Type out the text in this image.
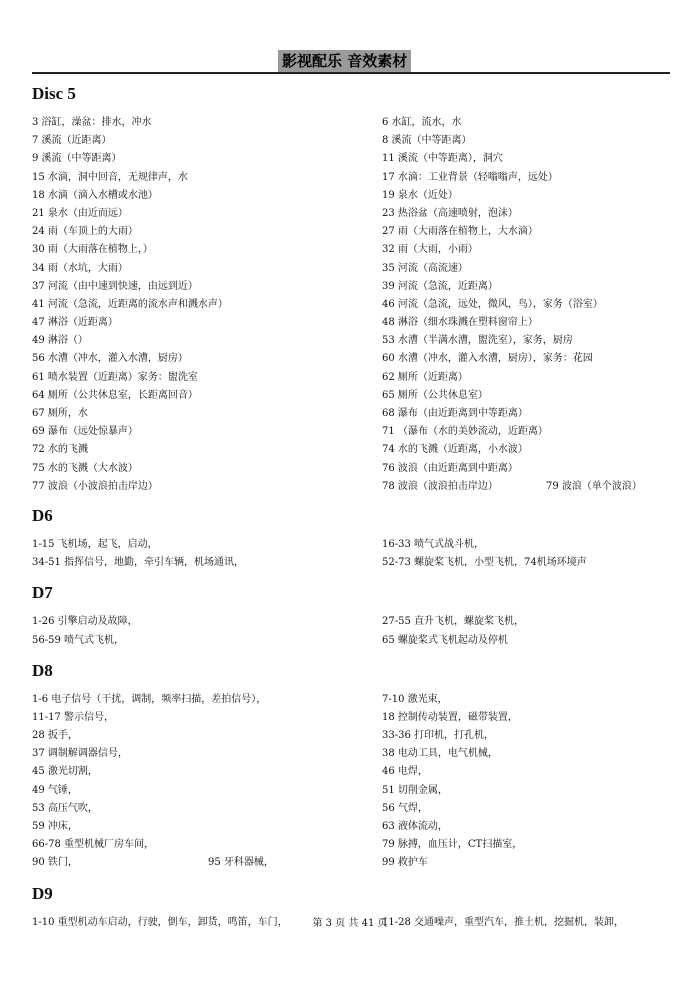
影视配乐 音效素材
Disc 5
3 浴缸，澡盆：排水，冲水	6 水缸，流水，水
7 溪流（近距离）	8 溪流（中等距离）
9 溪流（中等距离）	11 溪流（中等距离），洞穴
15 水滴，洞中回音，无规律声，水	17 水滴：工业背景（轻嗡嗡声，远处）
18 水滴（滴入水槽或水池）	19 泉水（近处）
21 泉水（由近而远）	23 热浴盆（高速喷射，泡沫）
24 雨（车顶上的大雨）	27 雨（大雨落在植物上，大水滴）
30 雨（大雨落在植物上，）	32 雨（大雨，小雨）
34 雨（水坑，大雨）	35 河流（高流速）
37 河流（由中速到快速，由远到近）	39 河流（急流，近距离）
41 河流（急流，近距离的流水声和溅水声）	46 河流（急流，远处，微风，鸟），家务（浴室）
47 淋浴（近距离）	48 淋浴（细水珠溅在塑料窗帘上）
49 淋浴（）	53 水漕（半满水漕，盥洗室），家务，厨房
56 水漕（冲水，灌入水漕，厨房）	60 水漕（冲水，灌入水漕，厨房），家务：花园
61 喷水装置（近距离）家务：盥洗室	62 厕所（近距离）
64 厕所（公共休息室，长距离回音）	65 厕所（公共休息室）
67 厕所，水	68 瀑布（由近距离到中等距离）
69 瀑布（远处惊暴声）	71 （瀑布（水的美妙流动，近距离）
72 水的飞溅	74 水的飞溅（近距离，小水波）
75 水的飞溅（大水波）	76 波浪（由近距离到中距离）
77 波浪（小波浪拍击岸边）	78 波浪（波浪拍击岸边）	79 波浪（单个波浪）
D6
1-15 飞机场，起飞，启动，	16-33 喷气式战斗机，
34-51 指挥信号，地勤，牵引车辆，机场通讯，	52-73 螺旋桨飞机，小型飞机，74机场环境声
D7
1-26 引擎启动及故障，	27-55 直升飞机，螺旋桨飞机，
56-59 喷气式飞机，	65 螺旋桨式飞机起动及停机
D8
1-6 电子信号（干扰，调制，频率扫描，差拍信号），	7-10 激光束，
11-17 警示信号，	18 控制传动装置，磁带装置，
28 扳手，	33-36 打印机，打孔机，
37 调制解调器信号，	38 电动工具，电气机械，
45 激光切割，	46 电焊，
49 气锤，	51 切削金属，
53 高压气吹，	56 气焊，
59 冲床，	63 液体流动，
66-78 重型机械厂房车间，	79 脉搏，血压计，CT扫描室，
90 铁门，	95 牙科器械，	99 救护车
D9
1-10 重型机动车启动，行驶，倒车，卸货，鸣笛，车门，	11-28 交通噪声，重型汽车，推土机，挖掘机，装卸，
第 3 页 共 41 页
